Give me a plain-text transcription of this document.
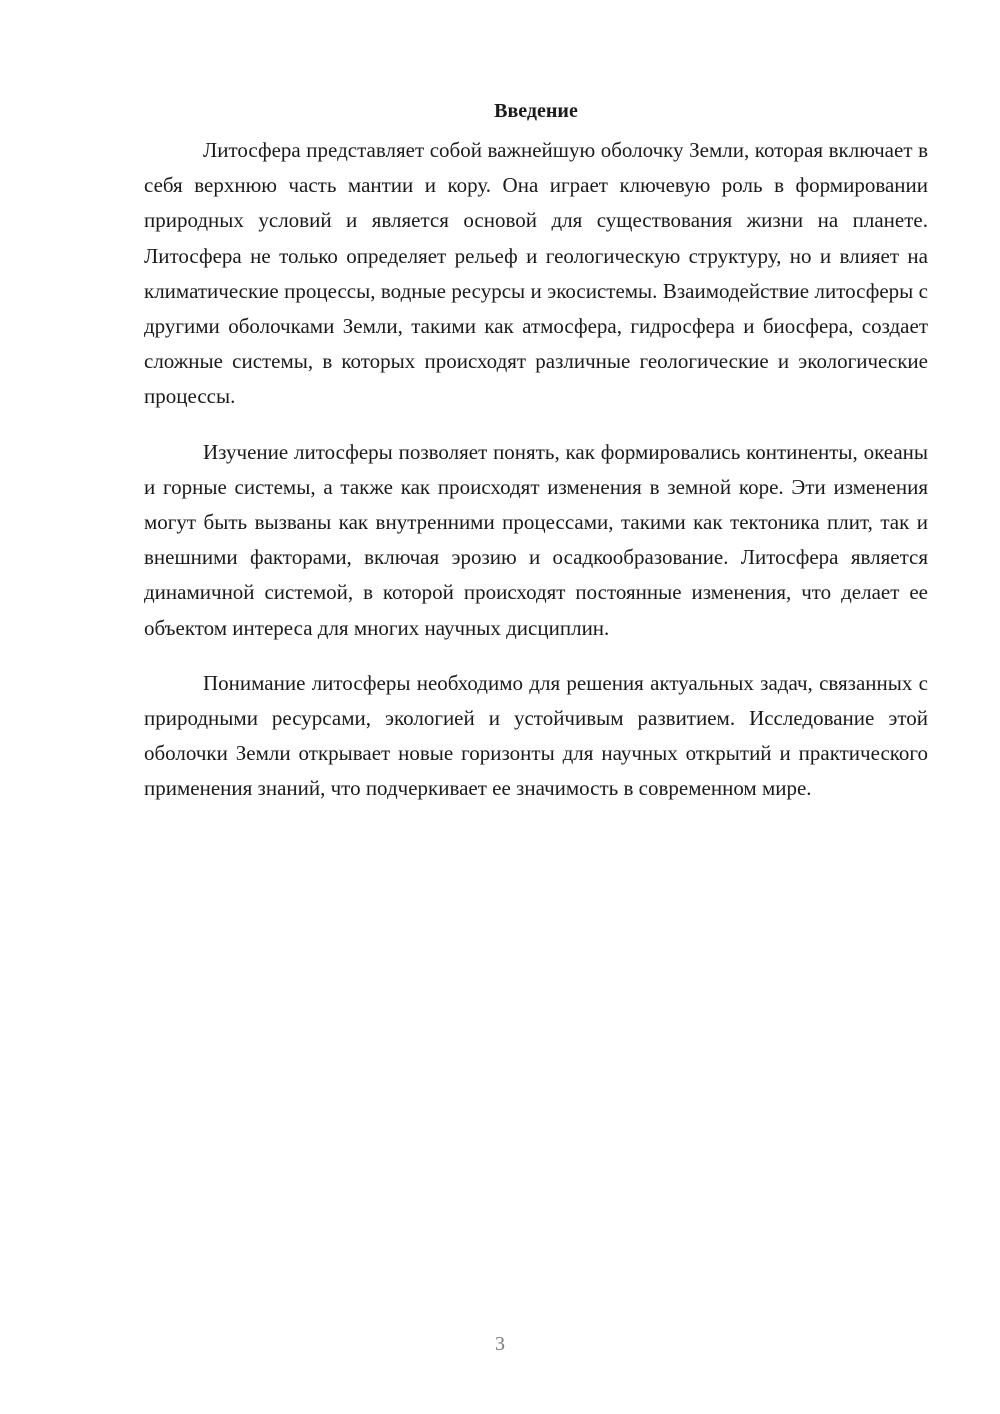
Введение

Литосфера представляет собой важнейшую оболочку Земли, которая включает в себя верхнюю часть мантии и кору. Она играет ключевую роль в формировании природных условий и является основой для существования жизни на планете. Литосфера не только определяет рельеф и геологическую структуру, но и влияет на климатические процессы, водные ресурсы и экосистемы. Взаимодействие литосферы с другими оболочками Земли, такими как атмосфера, гидросфера и биосфера, создает сложные системы, в которых происходят различные геологические и экологические процессы.

Изучение литосферы позволяет понять, как формировались континенты, океаны и горные системы, а также как происходят изменения в земной коре. Эти изменения могут быть вызваны как внутренними процессами, такими как тектоника плит, так и внешними факторами, включая эрозию и осадкообразование. Литосфера является динамичной системой, в которой происходят постоянные изменения, что делает ее объектом интереса для многих научных дисциплин.

Понимание литосферы необходимо для решения актуальных задач, связанных с природными ресурсами, экологией и устойчивым развитием. Исследование этой оболочки Земли открывает новые горизонты для научных открытий и практического применения знаний, что подчеркивает ее значимость в современном мире.

3
